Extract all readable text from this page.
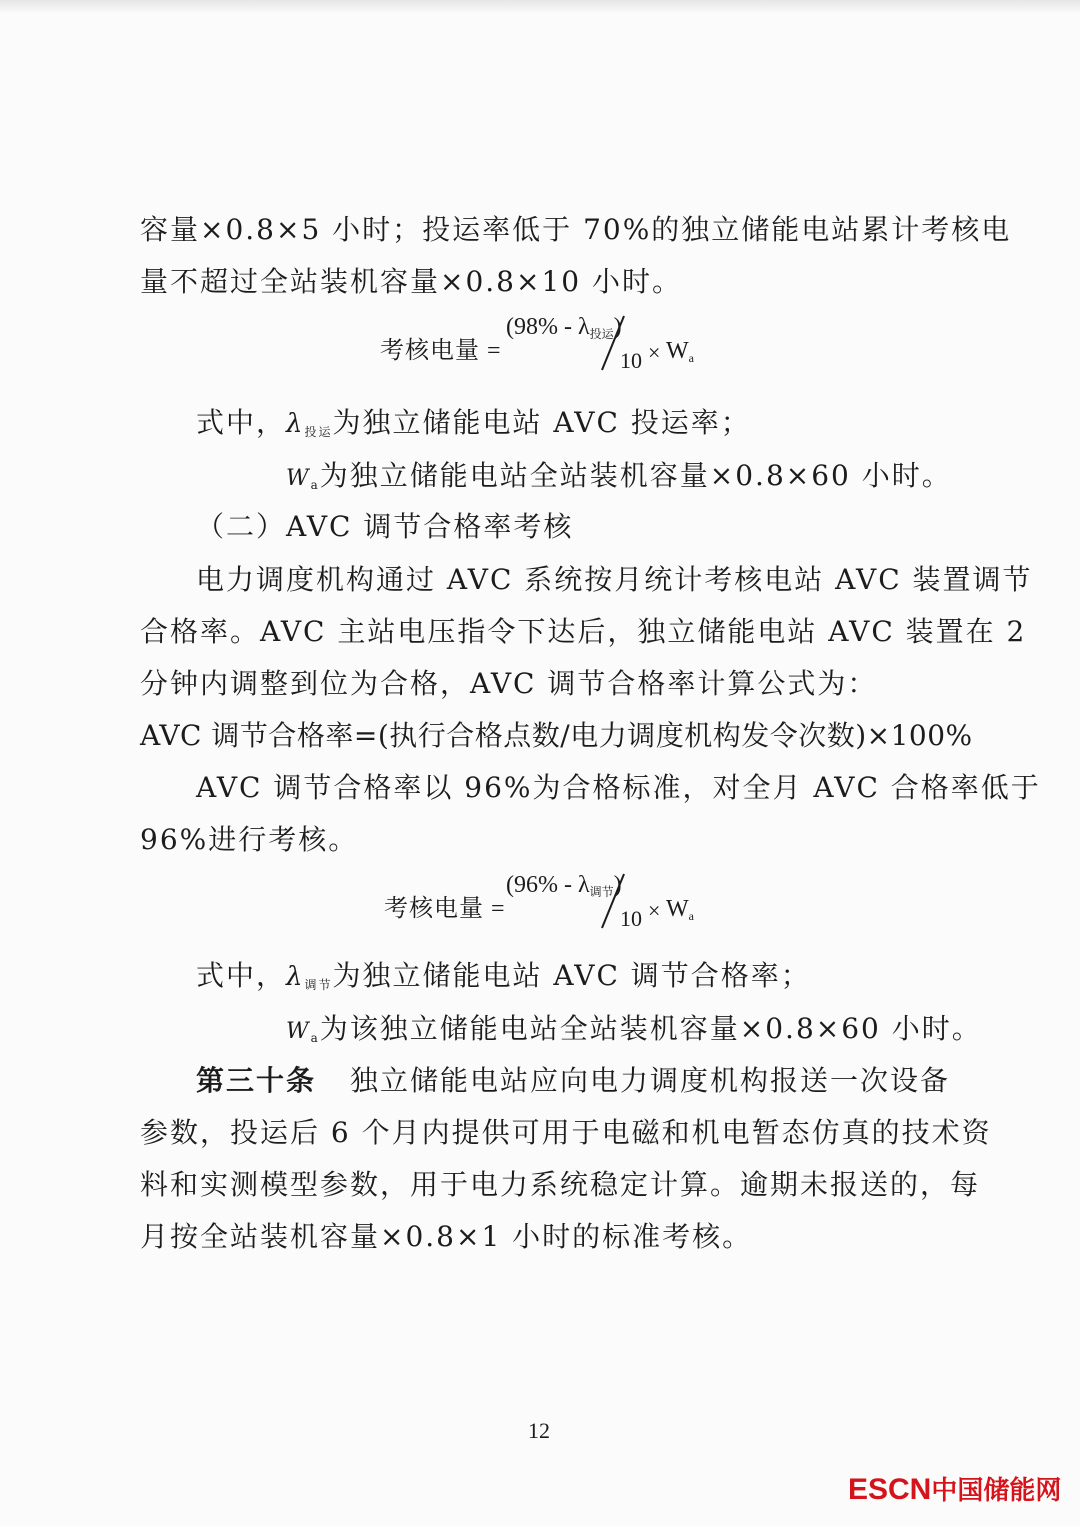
容量×0.8×5 小时；投运率低于 70%的独立储能电站累计考核电
量不超过全站装机容量×0.8×10 小时。
考核电量 =
$(98\% - \lambda_{投运})$
$10 \times W_a$
式中，$\lambda_{投运}$为独立储能电站 AVC 投运率；
$W_a$为独立储能电站全站装机容量×0.8×60 小时。
（二）AVC 调节合格率考核
电力调度机构通过 AVC 系统按月统计考核电站 AVC 装置调节
合格率。AVC 主站电压指令下达后，独立储能电站 AVC 装置在 2
分钟内调整到位为合格，AVC 调节合格率计算公式为：
AVC 调节合格率=(执行合格点数/电力调度机构发令次数)×100%
AVC 调节合格率以 96%为合格标准，对全月 AVC 合格率低于
96%进行考核。
考核电量 =
$(96\% - \lambda_{调节})$
$10 \times W_a$
式中，$\lambda_{调节}$为独立储能电站 AVC 调节合格率；
$W_a$为该独立储能电站全站装机容量×0.8×60 小时。
第三十条 独立储能电站应向电力调度机构报送一次设备
参数，投运后 6 个月内提供可用于电磁和机电暂态仿真的技术资
料和实测模型参数，用于电力系统稳定计算。逾期未报送的，每
月按全站装机容量×0.8×1 小时的标准考核。
12
ESCN中国储能网
